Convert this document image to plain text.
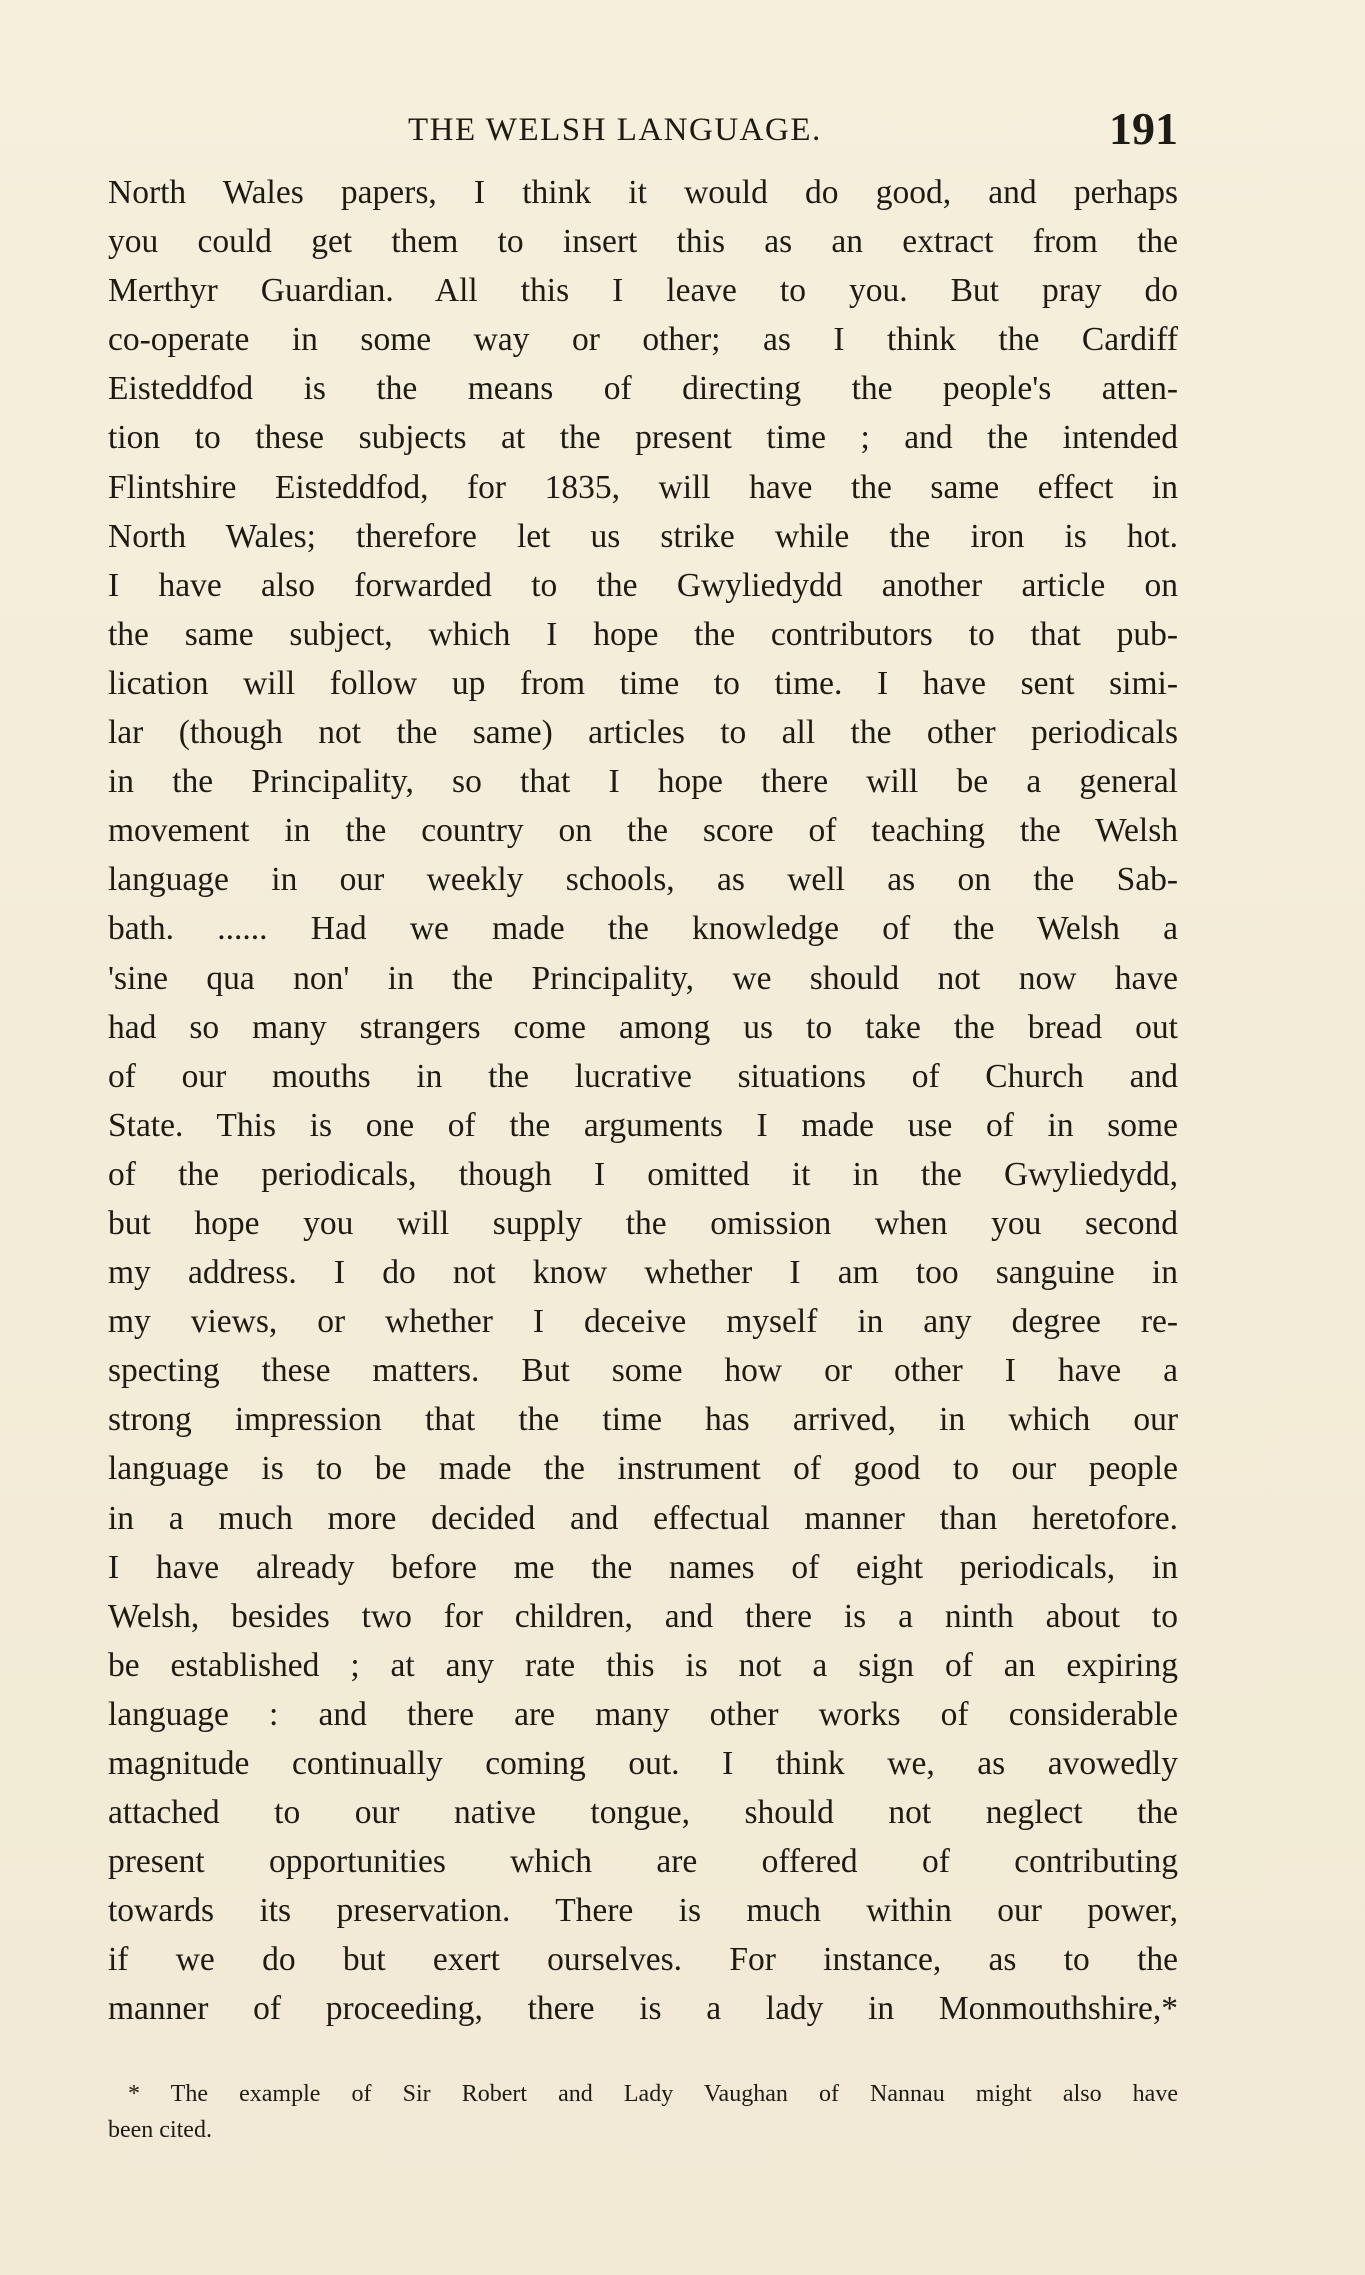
THE WELSH LANGUAGE.	191
North Wales papers, I think it would do good, and perhaps
you could get them to insert this as an extract from the
Merthyr Guardian. All this I leave to you. But pray do
co-operate in some way or other; as I think the Cardiff
Eisteddfod is the means of directing the people's atten-
tion to these subjects at the present time ; and the intended
Flintshire Eisteddfod, for 1835, will have the same effect in
North Wales; therefore let us strike while the iron is hot.
I have also forwarded to the Gwyliedydd another article on
the same subject, which I hope the contributors to that pub-
lication will follow up from time to time. I have sent simi-
lar (though not the same) articles to all the other periodicals
in the Principality, so that I hope there will be a general
movement in the country on the score of teaching the Welsh
language in our weekly schools, as well as on the Sab-
bath. ...... Had we made the knowledge of the Welsh a
'sine qua non' in the Principality, we should not now have
had so many strangers come among us to take the bread out
of our mouths in the lucrative situations of Church and
State. This is one of the arguments I made use of in some
of the periodicals, though I omitted it in the Gwyliedydd,
but hope you will supply the omission when you second
my address. I do not know whether I am too sanguine in
my views, or whether I deceive myself in any degree re-
specting these matters. But some how or other I have a
strong impression that the time has arrived, in which our
language is to be made the instrument of good to our people
in a much more decided and effectual manner than heretofore.
I have already before me the names of eight periodicals, in
Welsh, besides two for children, and there is a ninth about to
be established ; at any rate this is not a sign of an expiring
language : and there are many other works of considerable
magnitude continually coming out. I think we, as avowedly
attached to our native tongue, should not neglect the
present opportunities which are offered of contributing
towards its preservation. There is much within our power,
if we do but exert ourselves. For instance, as to the
manner of proceeding, there is a lady in Monmouthshire,*
* The example of Sir Robert and Lady Vaughan of Nannau might also have
been cited.
